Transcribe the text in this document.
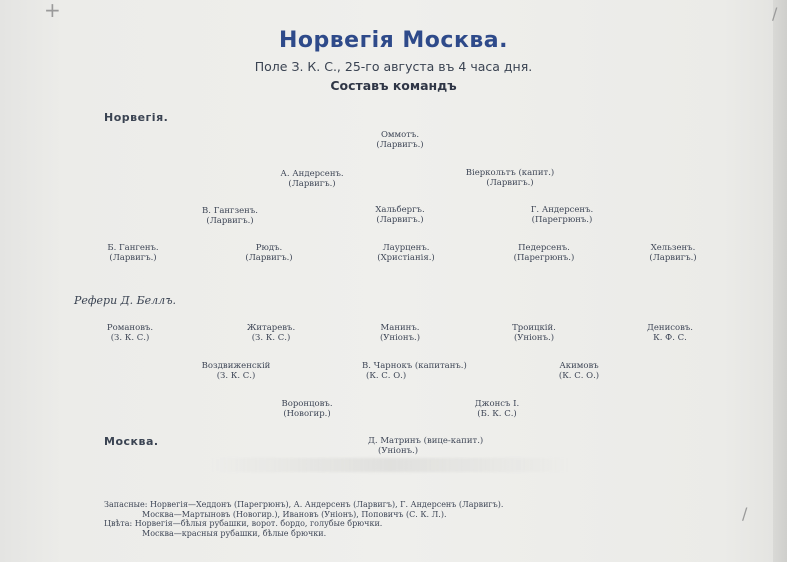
+	/
/
Норвегія Москва.
Поле З. К. С., 25-го августа въ 4 часа дня.
Составъ командъ
Норвегія.
Оммотъ.
(Ларвигъ.)
А. Андерсенъ.
(Ларвигъ.)
Віеркольтъ (капит.)
(Ларвигъ.)
В. Гангзенъ.
(Ларвигъ.)
Хальбергъ.
(Ларвигъ.)
Г. Андерсенъ.
(Парегрюнъ.)
Б. Гангенъ.
(Ларвигъ.)
Рюдъ.
(Ларвигъ.)
Лаурценъ.
(Христіанія.)
Педерсенъ.
(Парегрюнъ.)
Хельзенъ.
(Ларвигъ.)
Реферu Д. Беллъ.
Романовъ.
(З. К. С.)
Житаревъ.
(З. К. С.)
Манинъ.
(Уніонъ.)
Троицкій.
(Уніонъ.)
Денисовъ.
К. Ф. С.
Воздвиженскій
(З. К. С.)
В. Чарнокъ (капитанъ.)
(К. С. О.)
Акимовъ
(К. С. О.)
Воронцовъ.
(Новогир.)
Джонсъ I.
(Б. К. С.)
Москва.	Д. Матринъ (вице-капит.)
(Уніонъ.)
Запасные: Норвегія—Хеддонъ (Парегрюнъ), А. Андерсенъ (Ларвигъ), Г. Андерсенъ (Ларвигъ).
Москва—Мартыновъ (Новогир.), Ивановъ (Уніонъ), Поповичъ (С. К. Л.).
Цвѣта: Норвегія—бѣлыя рубашки, ворот. бордо, голубые брючки.
Москва—красныя рубашки, бѣлые брючки.
